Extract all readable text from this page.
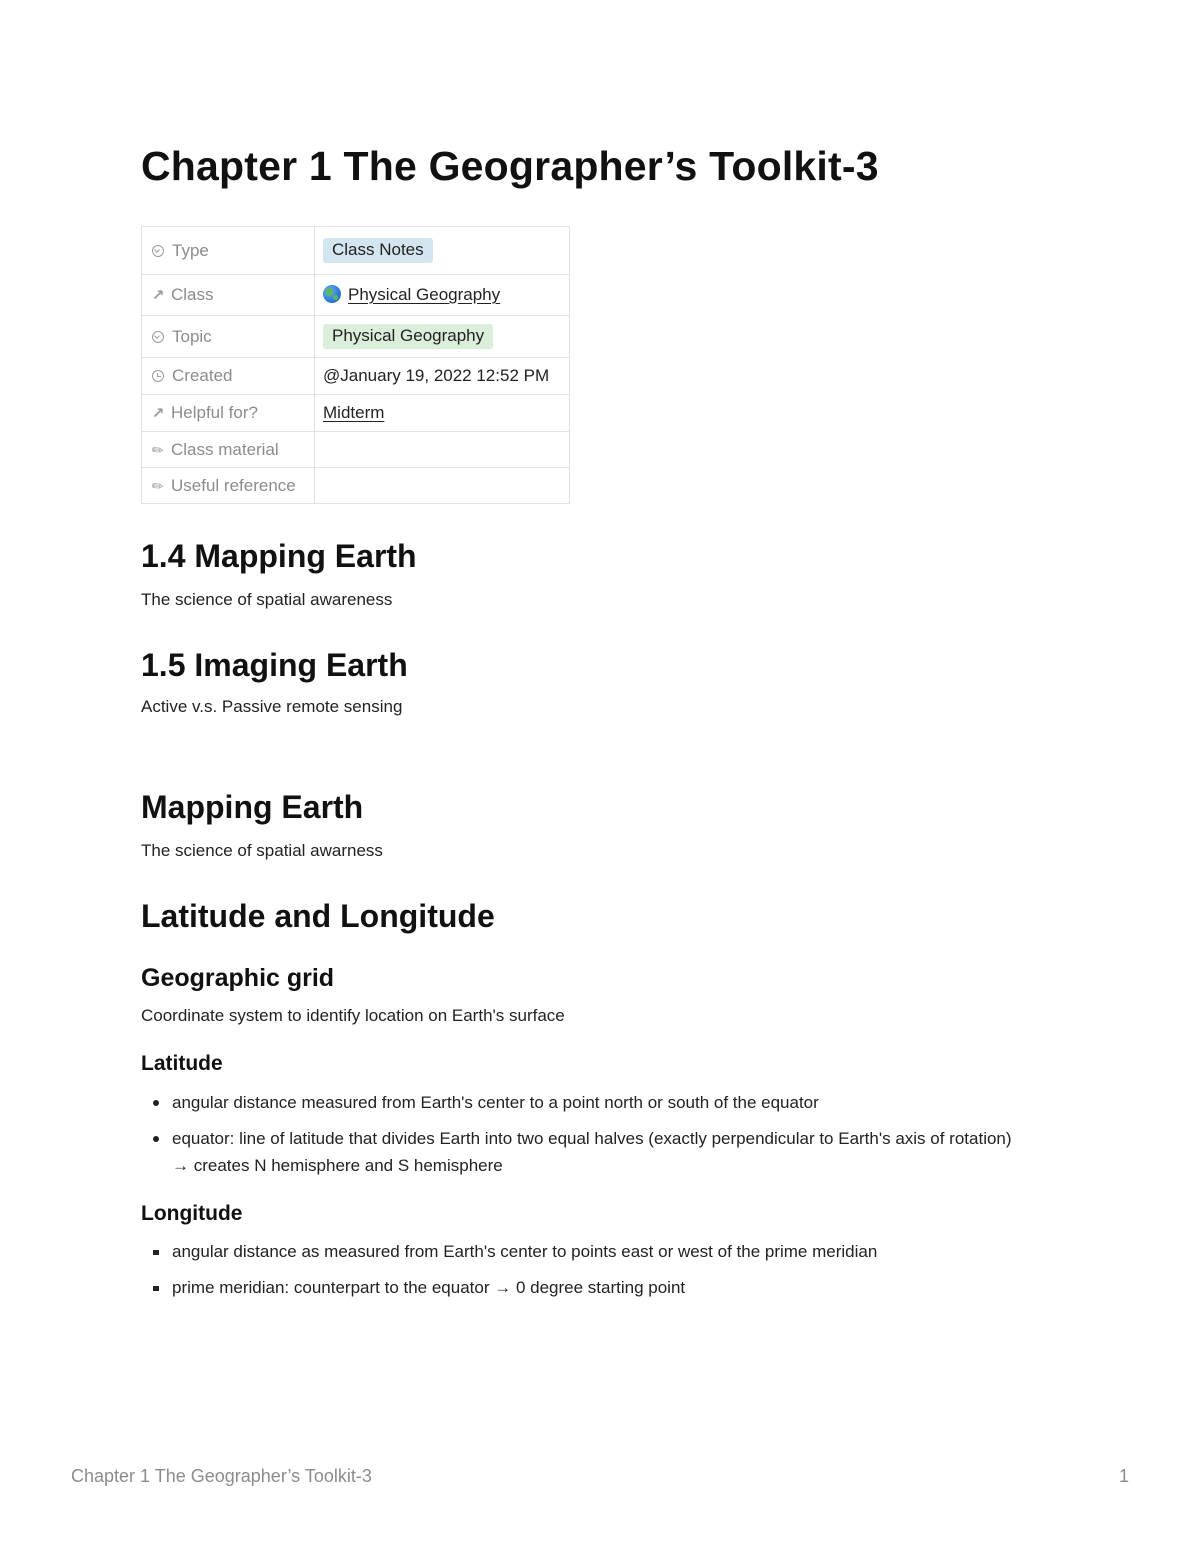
Chapter 1 The Geographer’s Toolkit-3
Type	Class Notes
↗ Class	Physical Geography
Topic	Physical Geography
Created	@January 19, 2022 12:52 PM
↗ Helpful for?	Midterm
✎ Class material	
✎ Useful reference	
1.4 Mapping Earth

The science of spatial awareness

1.5 Imaging Earth

Active v.s. Passive remote sensing

Mapping Earth

The science of spatial awarness

Latitude and Longitude
Geographic grid

Coordinate system to identify location on Earth's surface

Latitude
angular distance measured from Earth's center to a point north or south of the equator
equator: line of latitude that divides Earth into two equal halves (exactly perpendicular to Earth's axis of rotation)
→ creates N hemisphere and S hemisphere
Longitude
angular distance as measured from Earth's center to points east or west of the prime meridian
prime meridian: counterpart to the equator → 0 degree starting point
Chapter 1 The Geographer’s Toolkit-3	1
